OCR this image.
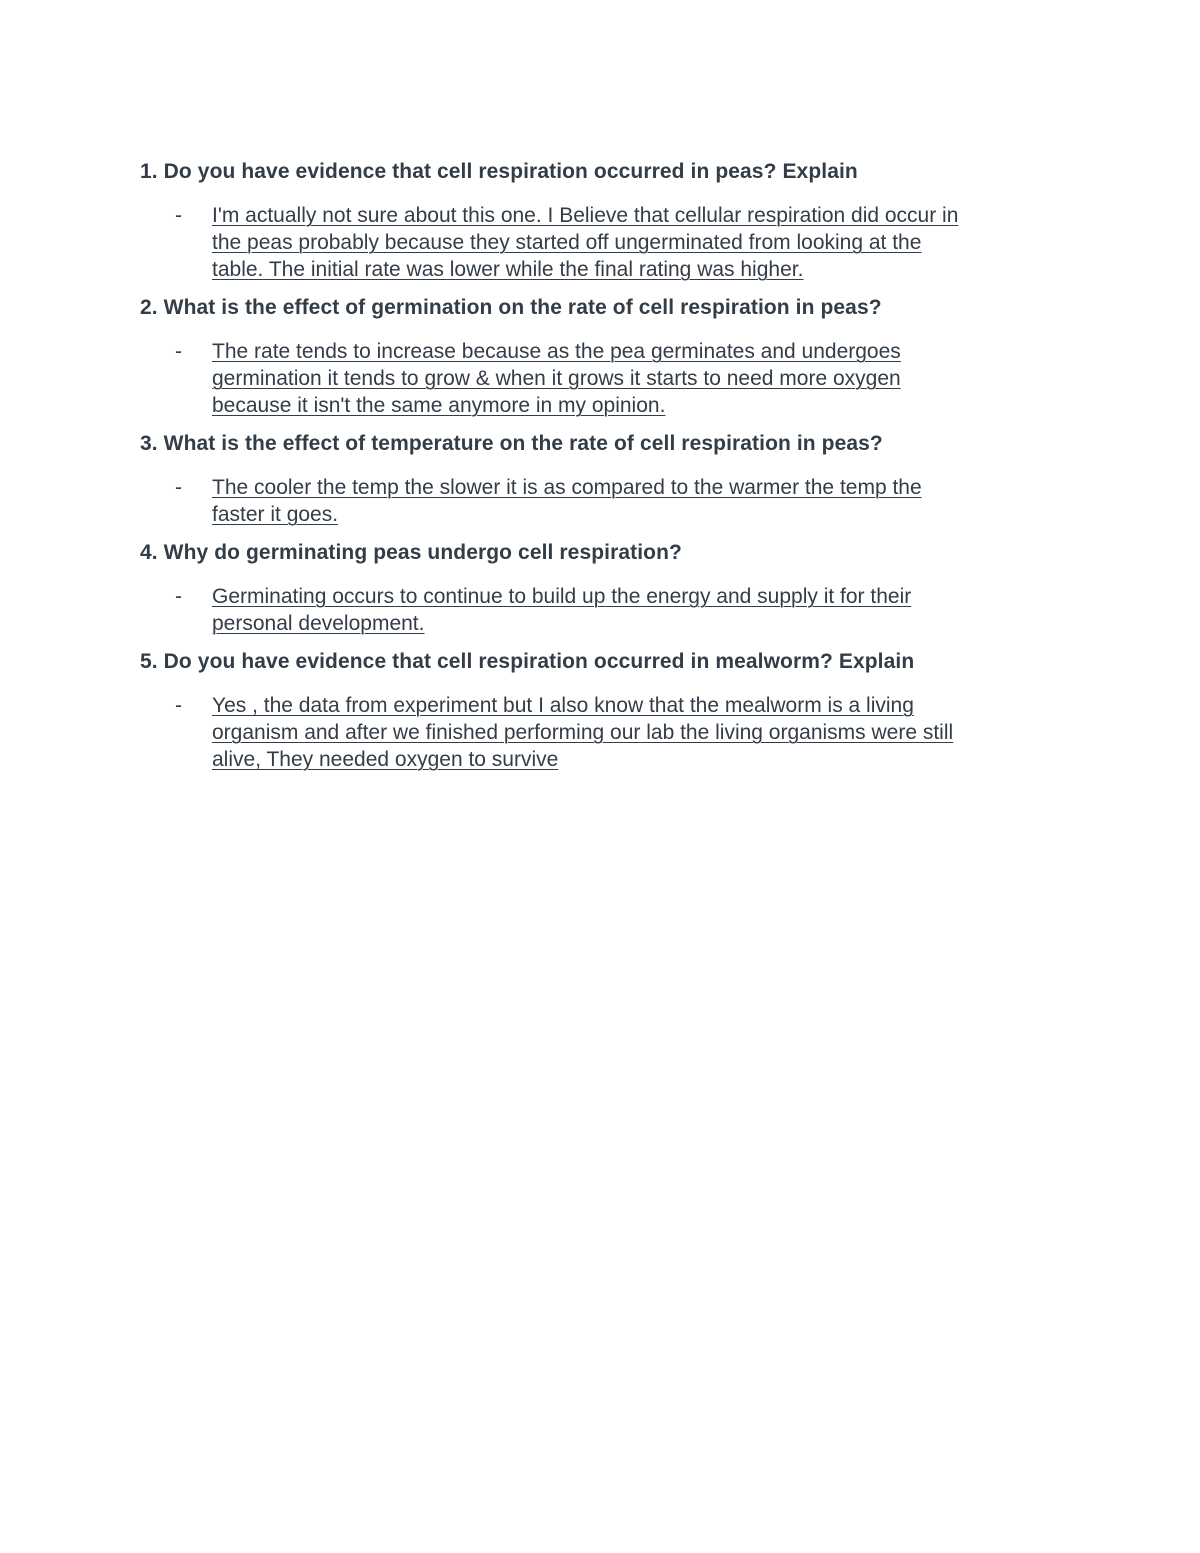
1. Do you have evidence that cell respiration occurred in peas? Explain

- I'm actually not sure about this one. I Believe that cellular respiration did occur in
the peas probably because they started off ungerminated from looking at the
table. The initial rate was lower while the final rating was higher.

2. What is the effect of germination on the rate of cell respiration in peas?

- The rate tends to increase because as the pea germinates and undergoes
germination it tends to grow & when it grows it starts to need more oxygen
because it isn't the same anymore in my opinion.

3. What is the effect of temperature on the rate of cell respiration in peas?

- The cooler the temp the slower it is as compared to the warmer the temp the
faster it goes.

4. Why do germinating peas undergo cell respiration?

- Germinating occurs to continue to build up the energy and supply it for their
personal development.

5. Do you have evidence that cell respiration occurred in mealworm? Explain

- Yes , the data from experiment but I also know that the mealworm is a living
organism and after we finished performing our lab the living organisms were still
alive, They needed oxygen to survive
